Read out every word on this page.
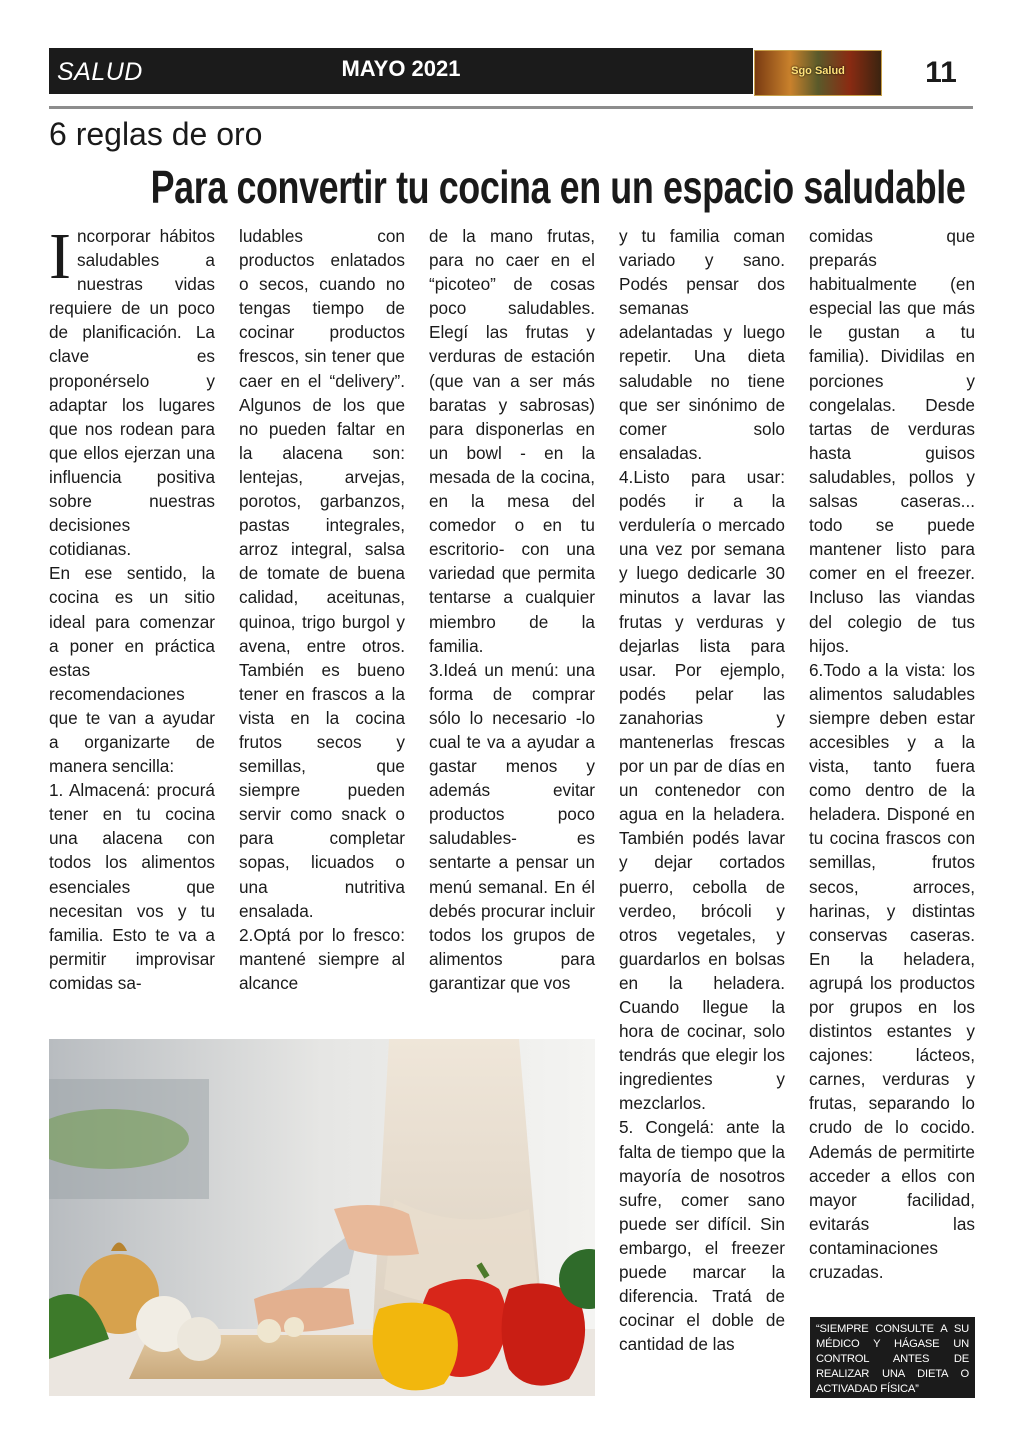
SALUD	MAYO 2021	Sgo Salud	11
6 reglas de oro
Para convertir tu cocina en un espacio saludable
I ncorporar hábitos saludables a nuestras vidas requiere de un poco de planificación. La clave es proponérselo y adaptar los lugares que nos rodean para que ellos ejerzan una influencia positiva sobre nuestras decisiones cotidianas.

En ese sentido, la cocina es un sitio ideal para comenzar a poner en práctica estas recomendaciones que te van a ayudar a organizarte de manera sencilla:

1. Almacená: procurá tener en tu cocina una alacena con todos los alimentos esenciales que necesitan vos y tu familia. Esto te va a permitir improvisar comidas sa-

ludables con productos enlatados o secos, cuando no tengas tiempo de cocinar productos frescos, sin tener que caer en el “delivery”. Algunos de los que no pueden faltar en la alacena son: lentejas, arvejas, porotos, garbanzos, pastas integrales, arroz integral, salsa de tomate de buena calidad, aceitunas, quinoa, trigo burgol y avena, entre otros. También es bueno tener en frascos a la vista en la cocina frutos secos y semillas, que siempre pueden servir como snack o para completar sopas, licuados o una nutritiva ensalada.

2.Optá por lo fresco: mantené siempre al alcance

de la mano frutas, para no caer en el “picoteo” de cosas poco saludables. Elegí las frutas y verduras de estación (que van a ser más baratas y sabrosas) para disponerlas en un bowl - en la mesada de la cocina, en la mesa del comedor o en tu escritorio- con una variedad que permita tentarse a cualquier miembro de la familia.

3.Ideá un menú: una forma de comprar sólo lo necesario -lo cual te va a ayudar a gastar menos y además evitar productos poco saludables- es sentarte a pensar un menú semanal. En él debés procurar incluir todos los grupos de alimentos para garantizar que vos

y tu familia coman variado y sano. Podés pensar dos semanas adelantadas y luego repetir. Una dieta saludable no tiene que ser sinónimo de comer solo ensaladas.

4.Listo para usar: podés ir a la verdulería o mercado una vez por semana y luego dedicarle 30 minutos a lavar las frutas y verduras y dejarlas lista para usar. Por ejemplo, podés pelar las zanahorias y mantenerlas frescas por un par de días en un contenedor con agua en la heladera. También podés lavar y dejar cortados puerro, cebolla de verdeo, brócoli y otros vegetales, y guardarlos en bolsas en la heladera. Cuando llegue la hora de cocinar, solo tendrás que elegir los ingredientes y mezclarlos.

5. Congelá: ante la falta de tiempo que la mayoría de nosotros sufre, comer sano puede ser difícil. Sin embargo, el freezer puede marcar la diferencia. Tratá de cocinar el doble de cantidad de las

comidas que preparás habitualmente (en especial las que más le gustan a tu familia). Dividilas en porciones y congelalas. Desde tartas de verduras hasta guisos saludables, pollos y salsas caseras... todo se puede mantener listo para comer en el freezer. Incluso las viandas del colegio de tus hijos.

6.Todo a la vista: los alimentos saludables siempre deben estar accesibles y a la vista, tanto fuera como dentro de la heladera. Disponé en tu cocina frascos con semillas, frutos secos, arroces, harinas, y distintas conservas caseras. En la heladera, agrupá los productos por grupos en los distintos estantes y cajones: lácteos, carnes, verduras y frutas, separando lo crudo de lo cocido. Además de permitirte acceder a ellos con mayor facilidad, evitarás las contaminaciones cruzadas.

“SIEMPRE CONSULTE A SU MÉDICO Y HÁGASE UN CONTROL ANTES DE REALIZAR UNA DIETA O ACTIVADAD FÍSICA”
